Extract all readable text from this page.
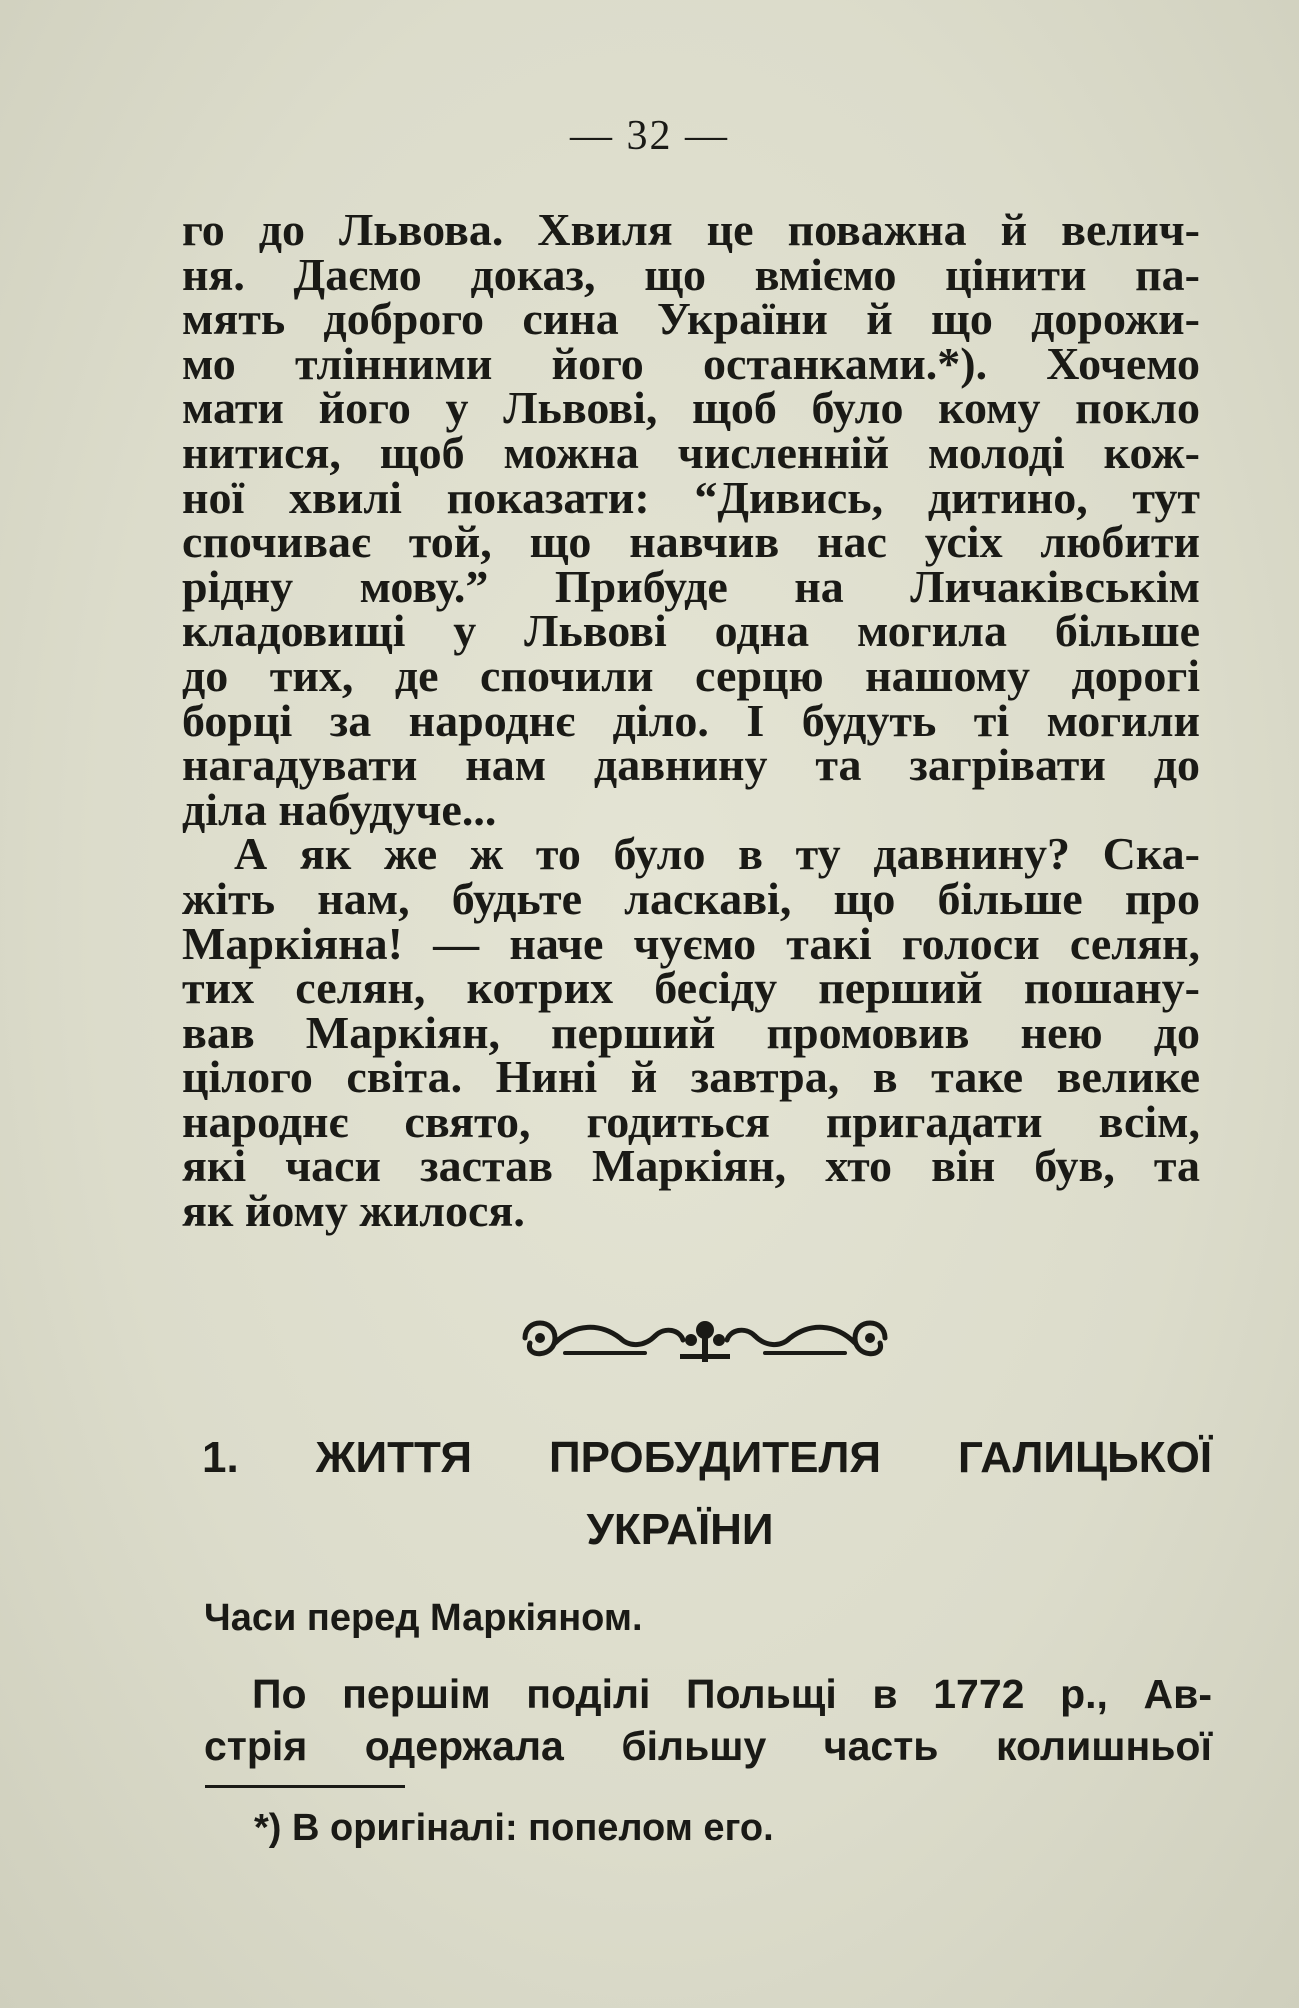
— 32 —
го до Львова. Хвиля це поважна й велич-
ня. Даємо доказ, що вміємо цінити па-
мять доброго сина України й що дорожи-
мо тлінними його останками.*). Хочемо
мати його у Львові, щоб було кому покло
нитися, щоб можна численній молоді кож-
ної хвилі показати: “Дивись, дитино, тут
спочиває той, що навчив нас усіх любити
рідну мову.” Прибуде на Личаківськім
кладовищі у Львові одна могила більше
до тих, де спочили серцю нашому дорогі
борці за народнє діло. І будуть ті могили
нагадувати нам давнину та загрівати до
діла набудуче...
А як же ж то було в ту давнину? Ска-
жіть нам, будьте ласкаві, що більше про
Маркіяна! — наче чуємо такі голоси селян,
тих селян, котрих бесіду перший пошану-
вав Маркіян, перший промовив нею до
цілого світа. Нині й завтра, в таке велике
народнє свято, годиться пригадати всім,
які часи застав Маркіян, хто він був, та
як йому жилося.
1. ЖИТТЯ ПРОБУДИТЕЛЯ ГАЛИЦЬКОЇ
УКРАЇНИ
Часи перед Маркіяном.
По першім поділі Польщі в 1772 р., Ав-
стрія одержала більшу часть колишньої
*) В оригіналі: попелом его.
